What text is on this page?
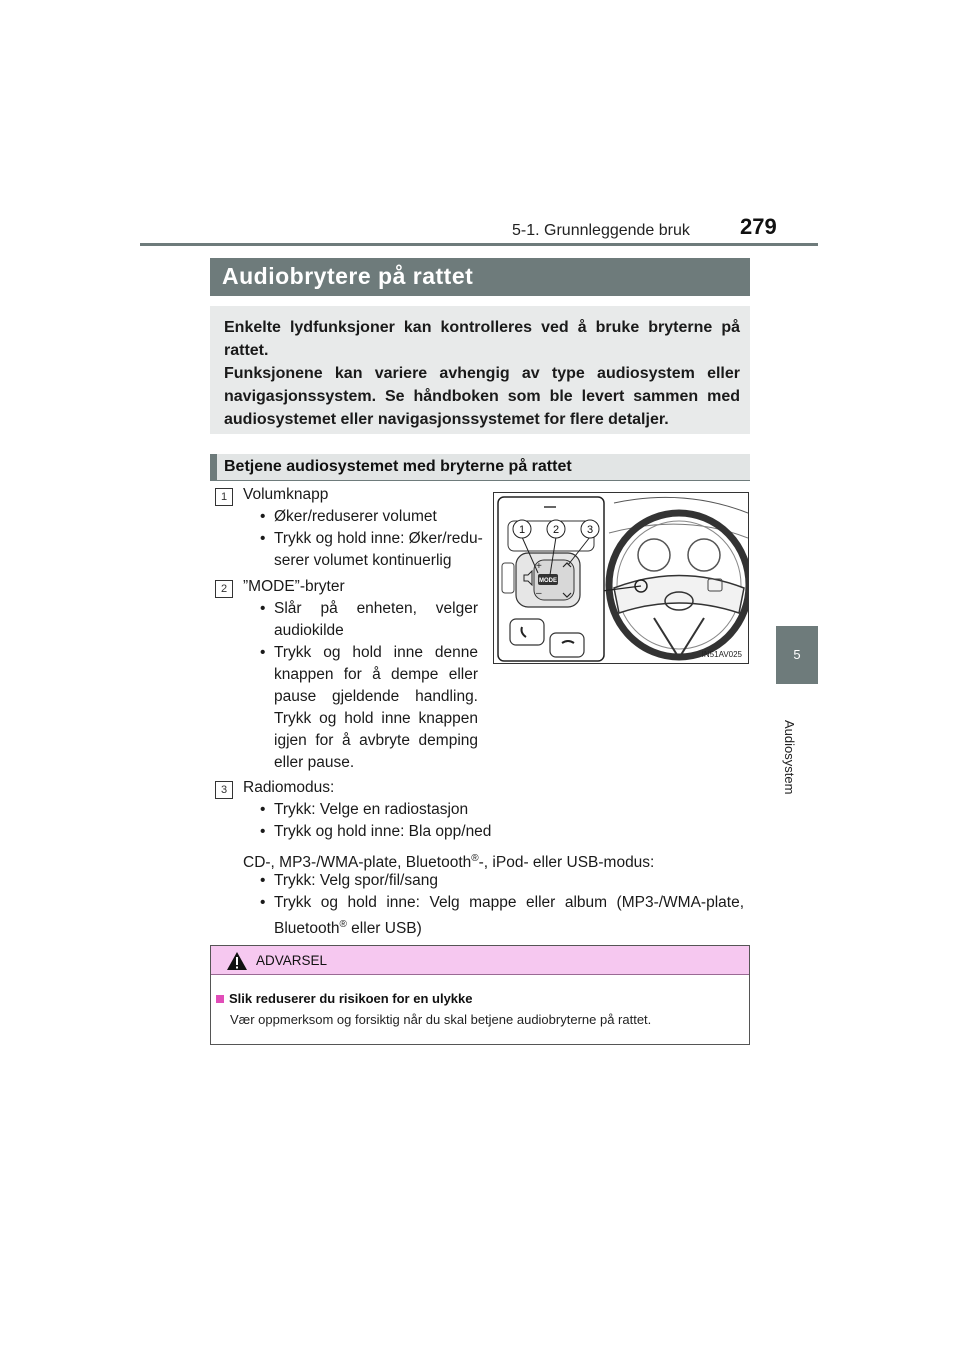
5-1. Grunnleggende bruk 279
5
Audiosystem
Audiobrytere på rattet

Enkelte lydfunksjoner kan kontrolleres ved å bruke bryterne på rattet.

Funksjonene kan variere avhengig av type audiosystem eller navigasjonssystem. Se håndboken som ble levert sammen med audiosystemet eller navigasjonssystemet for flere detaljer.

Betjene audiosystemet med bryterne på rattet
1	Volumknapp
• Øker/reduserer volumet
• Trykk og hold inne: Øker/redu-
serer volumet kontinuerlig
2	”MODE”-bryter
• Slår på enheten, velger
audiokilde
• Trykk og hold inne denne
knappen for å dempe eller
pause gjeldende handling.
Trykk og hold inne knappen
igjen for å avbryte demping
eller pause.
3	Radiomodus:
• Trykk: Velge en radiostasjon
• Trykk og hold inne: Bla opp/ned
CD-, MP3-/WMA-plate, Bluetooth®-, iPod- eller USB-modus:
• Trykk: Velg spor/fil/sang
• Trykk og hold inne: Velg mappe eller album (MP3-/WMA-plate,
Bluetooth® eller USB)
MODE
+
–
1	2	3
IN51AV025
ADVARSEL
Slik reduserer du risikoen for en ulykke
Vær oppmerksom og forsiktig når du skal betjene audiobryterne på rattet.
